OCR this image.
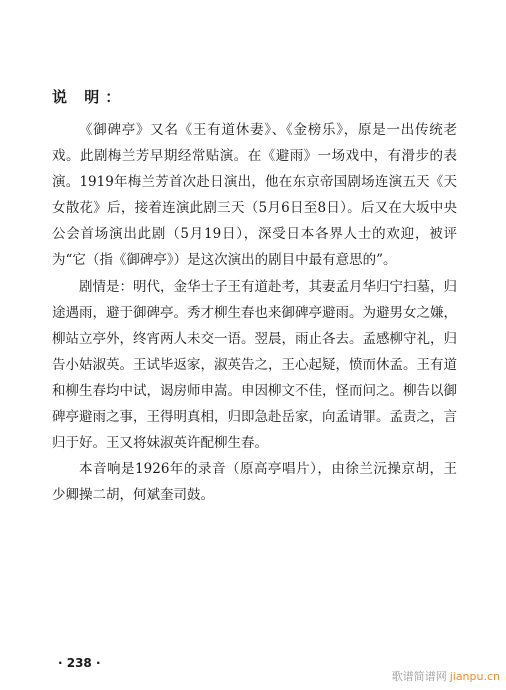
说 明：

《御碑亭》又名《王有道休妻》、《金榜乐》，原是一出传统老戏。此剧梅兰芳早期经常贴演。在《避雨》一场戏中，有滑步的表演。1919年梅兰芳首次赴日演出，他在东京帝国剧场连演五天《天女散花》后，接着连演此剧三天（5月6日至8日）。后又在大坂中央公会首场演出此剧（5月19日），深受日本各界人士的欢迎，被评为“它（指《御碑亭》）是这次演出的剧目中最有意思的”。

剧情是：明代，金华士子王有道赴考，其妻孟月华归宁扫墓，归途遇雨，避于御碑亭。秀才柳生春也来御碑亭避雨。为避男女之嫌，柳站立亭外，终宵两人未交一语。翌晨，雨止各去。孟感柳守礼，归告小姑淑英。王试毕返家，淑英告之，王心起疑，愤而休孟。王有道和柳生春均中试，谒房师申嵩。申因柳文不佳，怪而问之。柳告以御碑亭避雨之事，王得明真相，归即急赴岳家，向孟请罪。孟责之，言归于好。王又将妹淑英许配柳生春。

本音响是1926年的录音（原高亭唱片），由徐兰沅操京胡，王少卿操二胡，何斌奎司鼓。

· 238 ·
歌谱简谱网 jianpu.cn
